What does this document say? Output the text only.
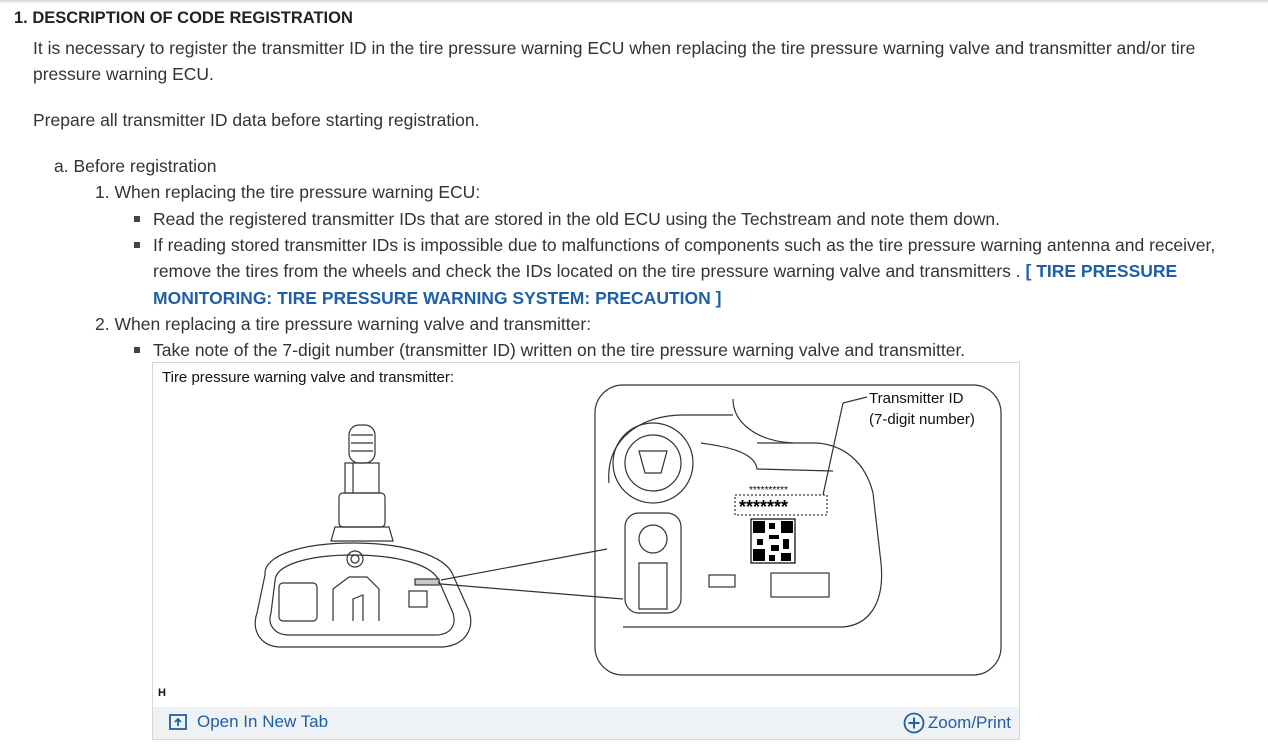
1. DESCRIPTION OF CODE REGISTRATION
It is necessary to register the transmitter ID in the tire pressure warning ECU when replacing the tire pressure warning valve and transmitter and/or tire
pressure warning ECU.
Prepare all transmitter ID data before starting registration.
a. Before registration
1. When replacing the tire pressure warning ECU:
Read the registered transmitter IDs that are stored in the old ECU using the Techstream and note them down.
If reading stored transmitter IDs is impossible due to malfunctions of components such as the tire pressure warning antenna and receiver,
remove the tires from the wheels and check the IDs located on the tire pressure warning valve and transmitters . [ TIRE PRESSURE
MONITORING: TIRE PRESSURE WARNING SYSTEM: PRECAUTION ]
2. When replacing a tire pressure warning valve and transmitter:
Take note of the 7-digit number (transmitter ID) written on the tire pressure warning valve and transmitter.
Tire pressure warning valve and transmitter:
**********
*******
Transmitter ID
(7-digit number)
H
Open In New Tab	Zoom/Print
